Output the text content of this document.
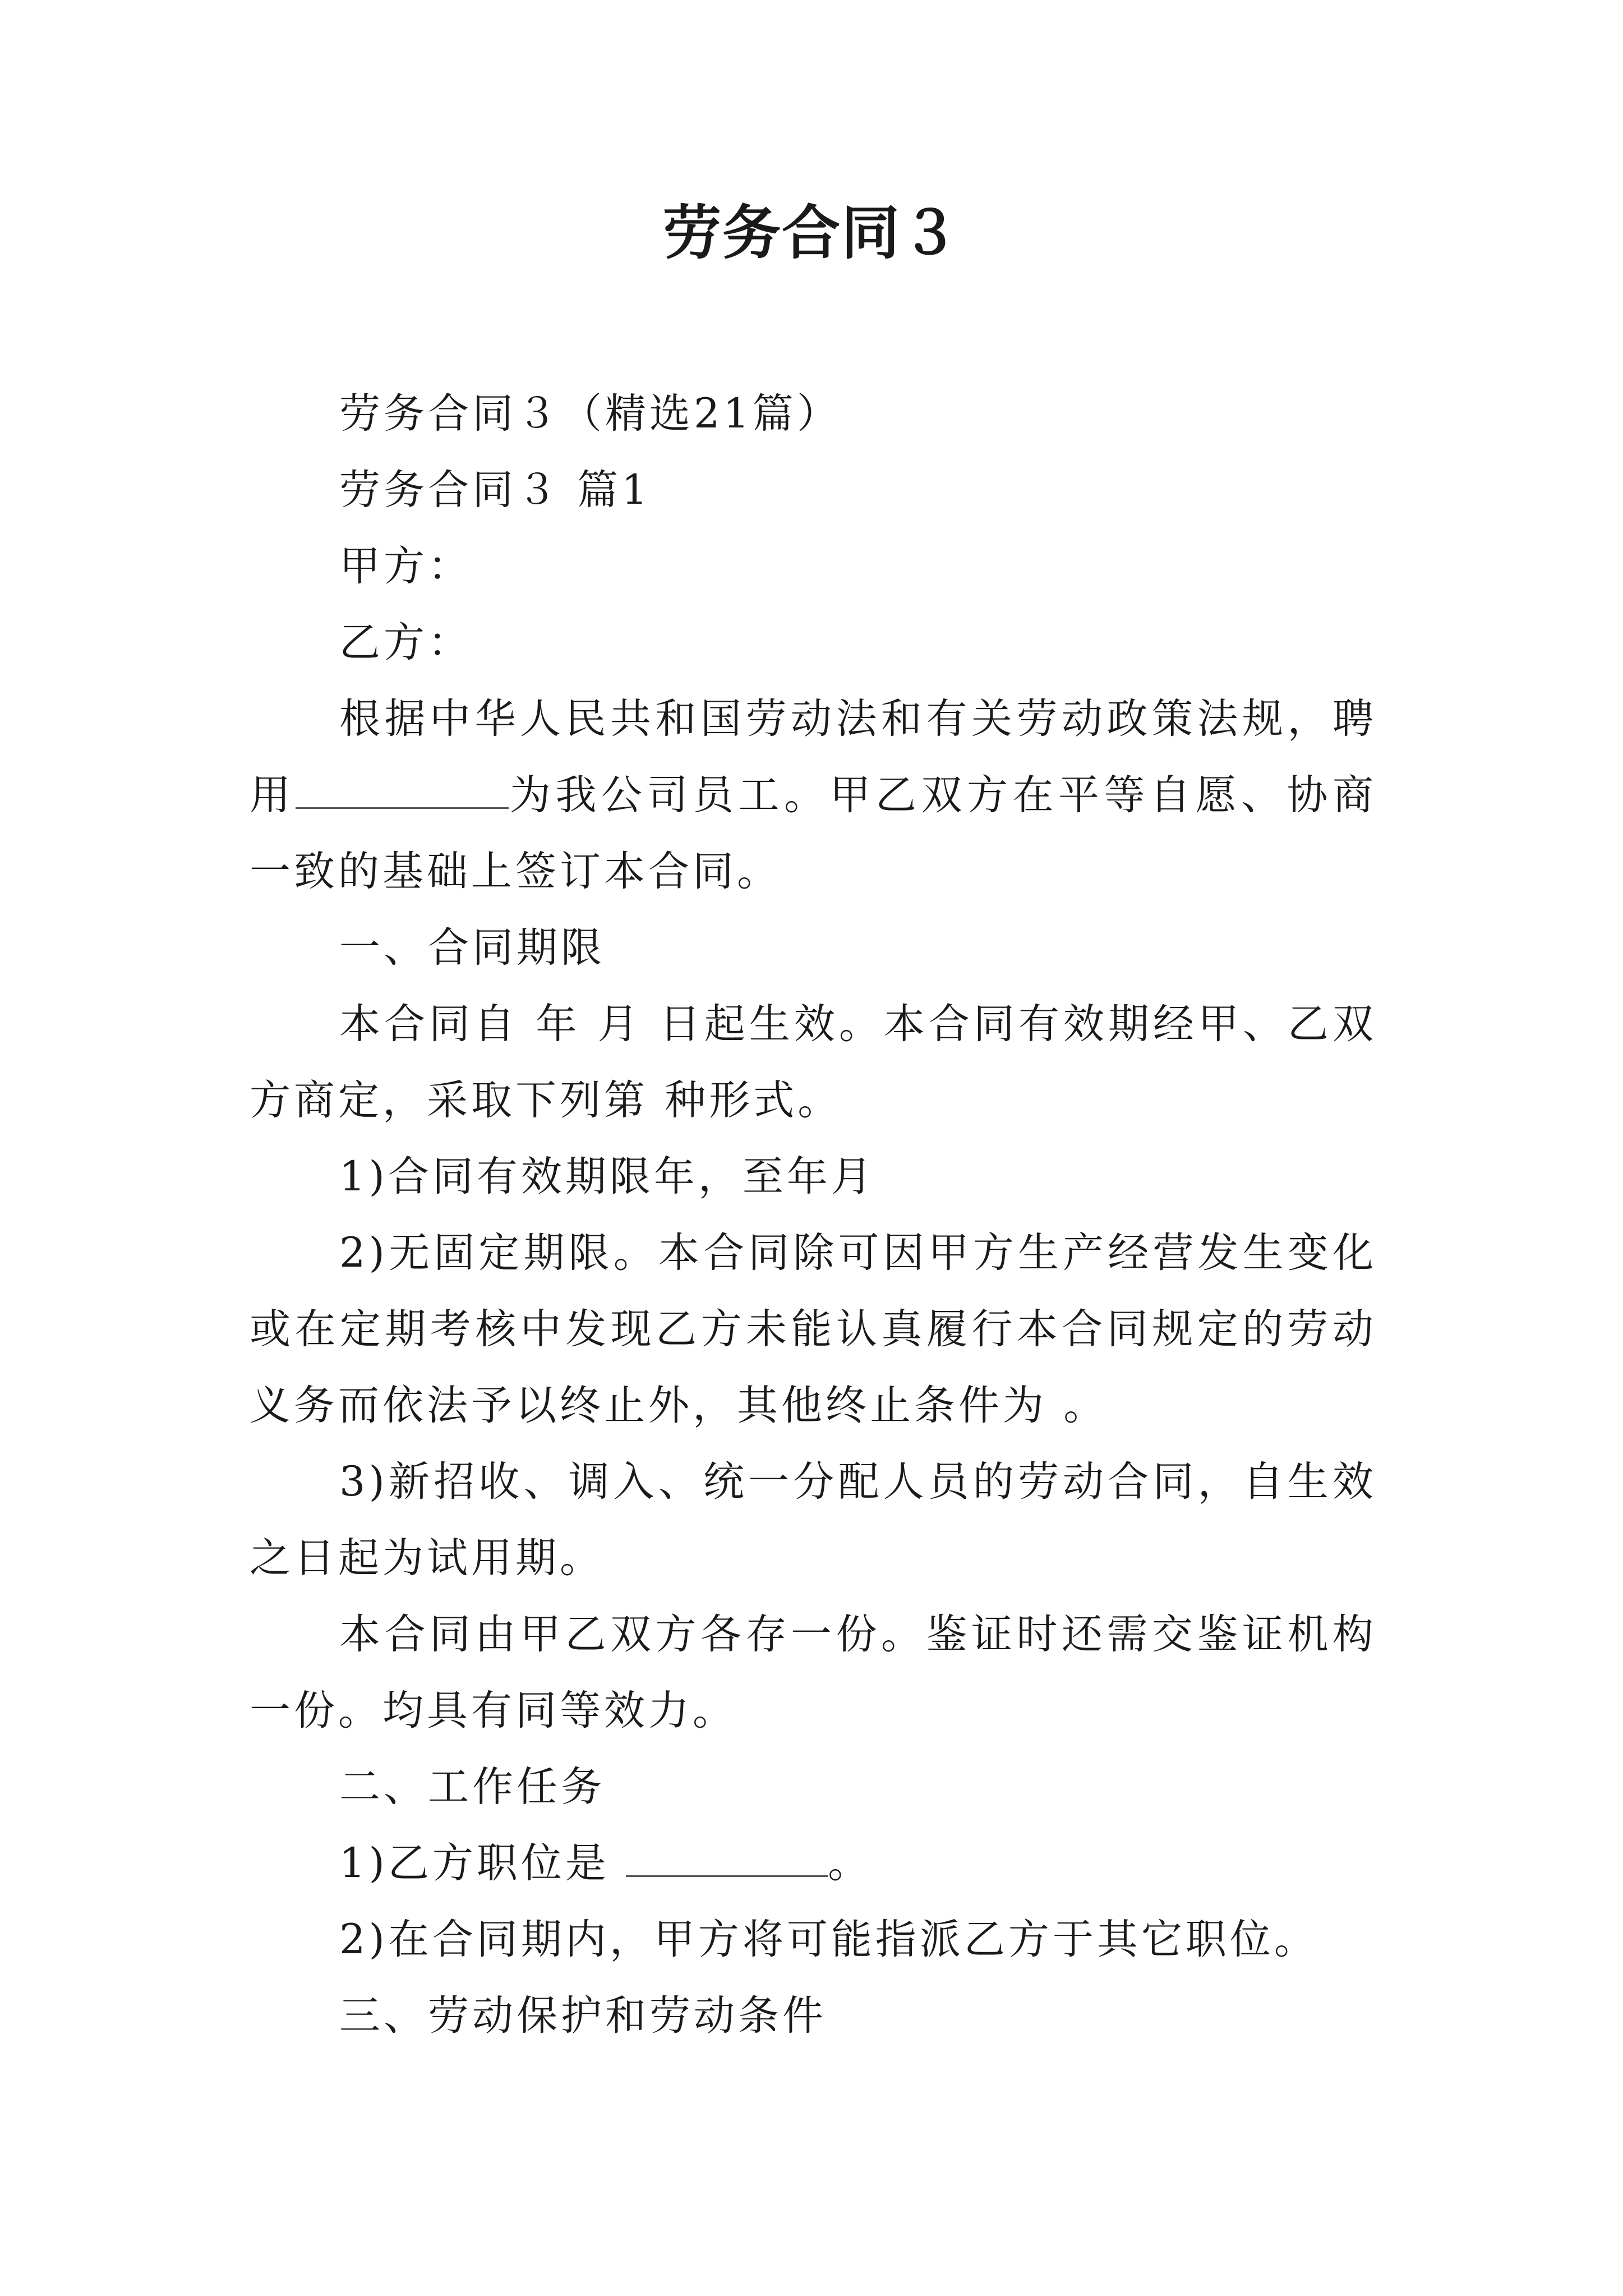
劳务合同３

劳务合同３（精选21篇）

劳务合同３ 篇1

甲方：

乙方：

根据中华人民共和国劳动法和有关劳动政策法规，聘用	为我公司员工。甲乙双方在平等自愿、协商一致的基础上签订本合同。

一、合同期限

本合同自 年 月 日起生效。本合同有效期经甲、乙双方商定，采取下列第 种形式。

1)合同有效期限年，至年月

2)无固定期限。本合同除可因甲方生产经营发生变化或在定期考核中发现乙方未能认真履行本合同规定的劳动义务而依法予以终止外，其他终止条件为 。

3)新招收、调入、统一分配人员的劳动合同，自生效之日起为试用期。

本合同由甲乙双方各存一份。鉴证时还需交鉴证机构一份。均具有同等效力。

二、工作任务

1)乙方职位是	。

2)在合同期内，甲方将可能指派乙方于其它职位。

三、劳动保护和劳动条件
